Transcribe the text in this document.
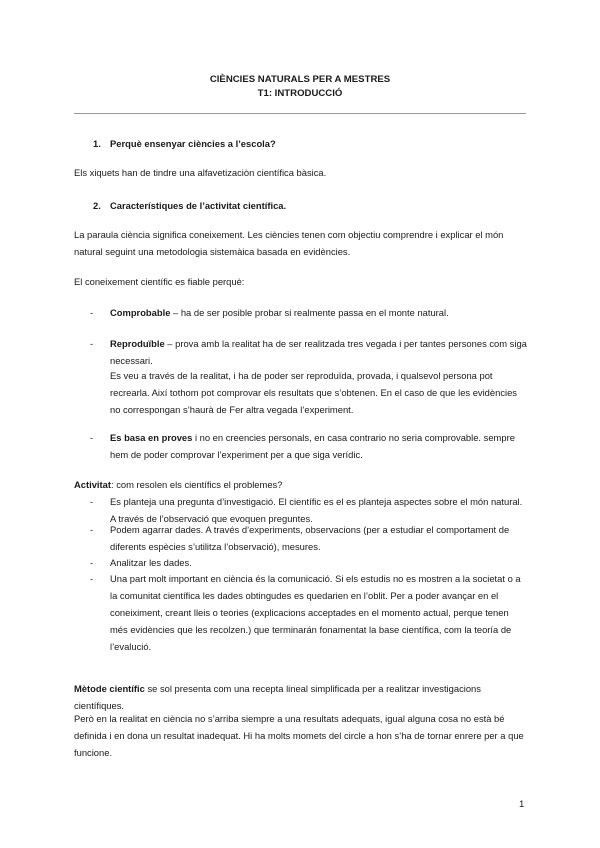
CIÈNCIES NATURALS PER A MESTRES
T1: INTRODUCCIÓ

1. Perquè ensenyar ciències a l’escola?

Els xiquets han de tindre una alfavetizaciòn científica bàsica.

2. Característiques de l’activitat científica.

La paraula ciència significa coneixement. Les ciències tenen com objectiu comprendre i explicar el món natural seguint una metodologia sistemàica basada en evidències.

El coneixement científic es fiable perquè:

- Comprobable – ha de ser posible probar si realmente passa en el monte natural.

- Reproduïble – prova amb la realitat ha de ser realitzada tres vegada i per tantes persones com siga necessari.

Es veu a través de la realitat, i ha de poder ser reproduïda, provada, i qualsevol persona pot recrearla. Així tothom pot comprovar els resultats que s’obtenen. En el caso de que les evidències no correspongan s’haurà de Fer altra vegada l’experiment.

- Es basa en proves i no en creencies personals, en casa contrario no seria comprovable. sempre hem de poder comprovar l’experiment per a que siga verídic.

Activitat: com resolen els científics el problemes?

- Es planteja una pregunta d’investigació. El científic es el es planteja aspectes sobre el món natural. A través de l’observació que evoquen preguntes.

- Podem agarrar dades. A través d’experiments, observacions (per a estudiar el comportament de diferents espècies s’utilitza l’observació), mesures.

- Analitzar les dades.

- Una part molt important en ciència és la comunicació. Si els estudis no es mostren a la societat o a la comunitat científica les dades obtingudes es quedarien en l’oblit. Per a poder avançar en el coneiximent, creant lleis o teories (explicacions acceptades en el momento actual, perque tenen més evidències que les recolzen.) que terminarán fonamentat la base científica, com la teoría de l’evalució.

Mètode científic se sol presenta com una recepta lineal simplificada per a realitzar investigacions científiques.

Però en la realitat en ciència no s’arriba siempre a una resultats adequats, igual alguna cosa no està bé definida i en dona un resultat inadequat. Hi ha molts momets del circle a hon s’ha de tornar enrere per a que funcione.

1
